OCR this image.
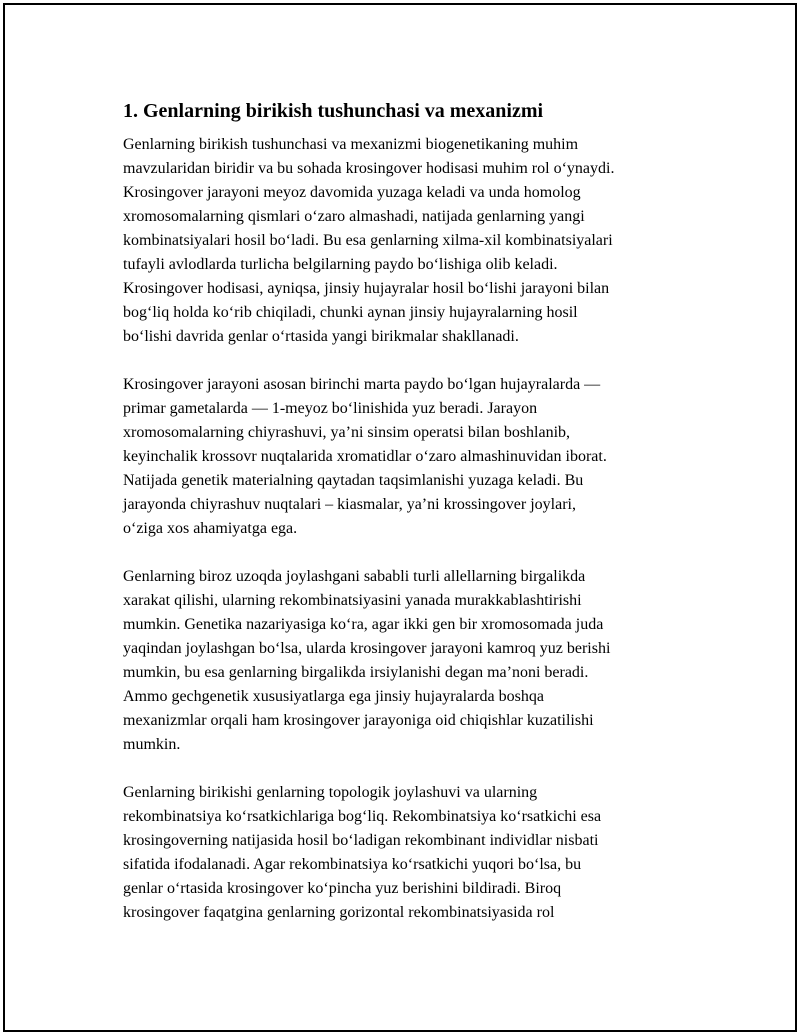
1. Genlarning birikish tushunchasi va mexanizmi

Genlarning birikish tushunchasi va mexanizmi biogenetikaning muhim
mavzularidan biridir va bu sohada krosingover hodisasi muhim rol o‘ynaydi.
Krosingover jarayoni meyoz davomida yuzaga keladi va unda homolog
xromosomalarning qismlari o‘zaro almashadi, natijada genlarning yangi
kombinatsiyalari hosil bo‘ladi. Bu esa genlarning xilma-xil kombinatsiyalari
tufayli avlodlarda turlicha belgilarning paydo bo‘lishiga olib keladi.
Krosingover hodisasi, ayniqsa, jinsiy hujayralar hosil bo‘lishi jarayoni bilan
bog‘liq holda ko‘rib chiqiladi, chunki aynan jinsiy hujayralarning hosil
bo‘lishi davrida genlar o‘rtasida yangi birikmalar shakllanadi.

Krosingover jarayoni asosan birinchi marta paydo bo‘lgan hujayralarda —
primar gametalarda — 1-meyoz bo‘linishida yuz beradi. Jarayon
xromosomalarning chiyrashuvi, ya’ni sinsim operatsi bilan boshlanib,
keyinchalik krossovr nuqtalarida xromatidlar o‘zaro almashinuvidan iborat.
Natijada genetik materialning qaytadan taqsimlanishi yuzaga keladi. Bu
jarayonda chiyrashuv nuqtalari – kiasmalar, ya’ni krossingover joylari,
o‘ziga xos ahamiyatga ega.

Genlarning biroz uzoqda joylashgani sababli turli allellarning birgalikda
xarakat qilishi, ularning rekombinatsiyasini yanada murakkablashtirishi
mumkin. Genetika nazariyasiga ko‘ra, agar ikki gen bir xromosomada juda
yaqindan joylashgan bo‘lsa, ularda krosingover jarayoni kamroq yuz berishi
mumkin, bu esa genlarning birgalikda irsiylanishi degan ma’noni beradi.
Ammo gechgenetik xususiyatlarga ega jinsiy hujayralarda boshqa
mexanizmlar orqali ham krosingover jarayoniga oid chiqishlar kuzatilishi
mumkin.

Genlarning birikishi genlarning topologik joylashuvi va ularning
rekombinatsiya ko‘rsatkichlariga bog‘liq. Rekombinatsiya ko‘rsatkichi esa
krosingoverning natijasida hosil bo‘ladigan rekombinant individlar nisbati
sifatida ifodalanadi. Agar rekombinatsiya ko‘rsatkichi yuqori bo‘lsa, bu
genlar o‘rtasida krosingover ko‘pincha yuz berishini bildiradi. Biroq
krosingover faqatgina genlarning gorizontal rekombinatsiyasida rol
